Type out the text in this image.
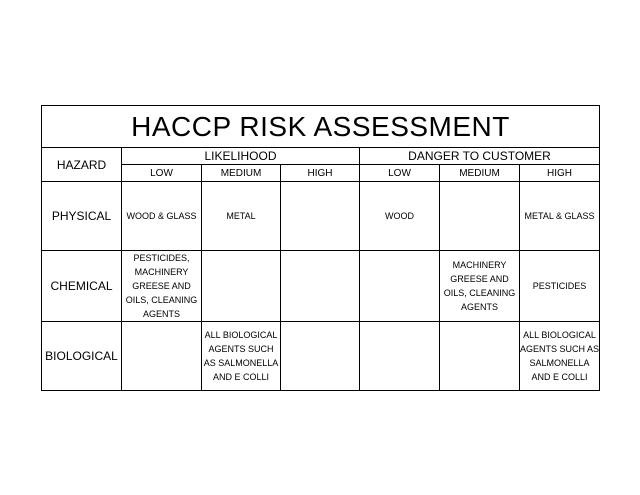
HACCP RISK ASSESSMENT						
HAZARD	LIKELIHOOD			DANGER TO CUSTOMER		
	LOW	MEDIUM	HIGH	LOW	MEDIUM	HIGH
PHYSICAL	WOOD & GLASS	METAL		WOOD		METAL & GLASS
CHEMICAL	PESTICIDES, MACHINERY GREESE AND OILS, CLEANING AGENTS				MACHINERY GREESE AND OILS, CLEANING AGENTS	PESTICIDES
BIOLOGICAL		ALL BIOLOGICAL AGENTS SUCH AS SALMONELLA AND E COLLI				ALL BIOLOGICAL AGENTS SUCH AS SALMONELLA AND E COLLI
